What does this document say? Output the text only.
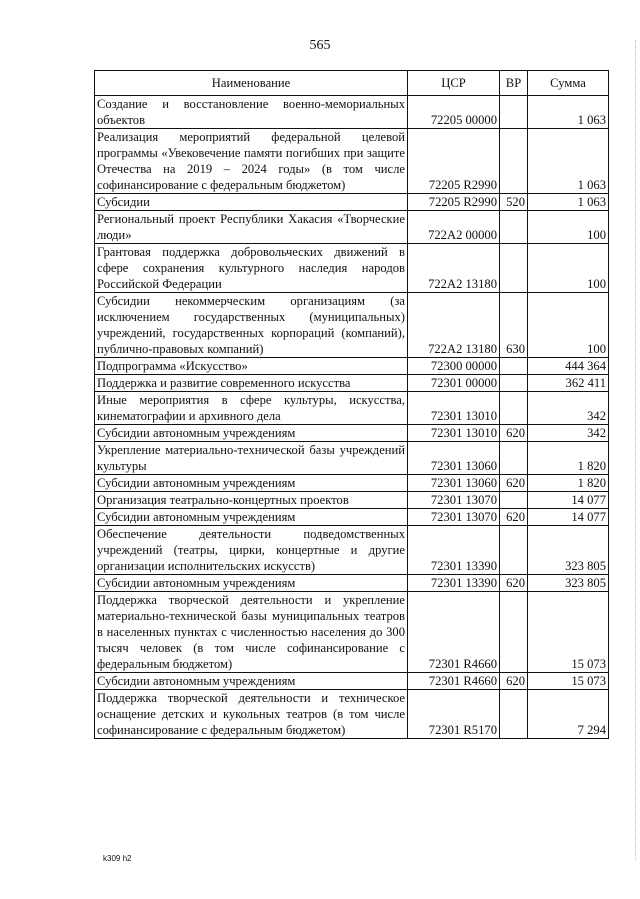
565
Наименование	ЦСР	ВР	Сумма
Создание и восстановление военно-мемориальных объектов	72205 00000		1 063
Реализация мероприятий федеральной целевой программы «Увековечение памяти погибших при защите Отечества на 2019 – 2024 годы» (в том числе софинансирование с федеральным бюджетом)	72205 R2990		1 063
Субсидии	72205 R2990	520	1 063
Региональный проект Республики Хакасия «Творческие люди»	722А2 00000		100
Грантовая поддержка добровольческих движений в сфере сохранения культурного наследия народов Российской Федерации	722А2 13180		100
Субсидии некоммерческим организациям (за исключением государственных (муниципальных) учреждений, государственных корпораций (компаний), публично-правовых компаний)	722А2 13180	630	100
Подпрограмма «Искусство»	72300 00000		444 364
Поддержка и развитие современного искусства	72301 00000		362 411
Иные мероприятия в сфере культуры, искусства, кинематографии и архивного дела	72301 13010		342
Субсидии автономным учреждениям	72301 13010	620	342
Укрепление материально-технической базы учреждений культуры	72301 13060		1 820
Субсидии автономным учреждениям	72301 13060	620	1 820
Организация театрально-концертных проектов	72301 13070		14 077
Субсидии автономным учреждениям	72301 13070	620	14 077
Обеспечение деятельности подведомственных учреждений (театры, цирки, концертные и другие организации исполнительских искусств)	72301 13390		323 805
Субсидии автономным учреждениям	72301 13390	620	323 805
Поддержка творческой деятельности и укрепление материально-технической базы муниципальных театров в населенных пунктах с численностью населения до 300 тысяч человек (в том числе софинансирование с федеральным бюджетом)	72301 R4660		15 073
Субсидии автономным учреждениям	72301 R4660	620	15 073
Поддержка творческой деятельности и техническое оснащение детских и кукольных театров (в том числе софинансирование с федеральным бюджетом)	72301 R5170		7 294
k309 h2
